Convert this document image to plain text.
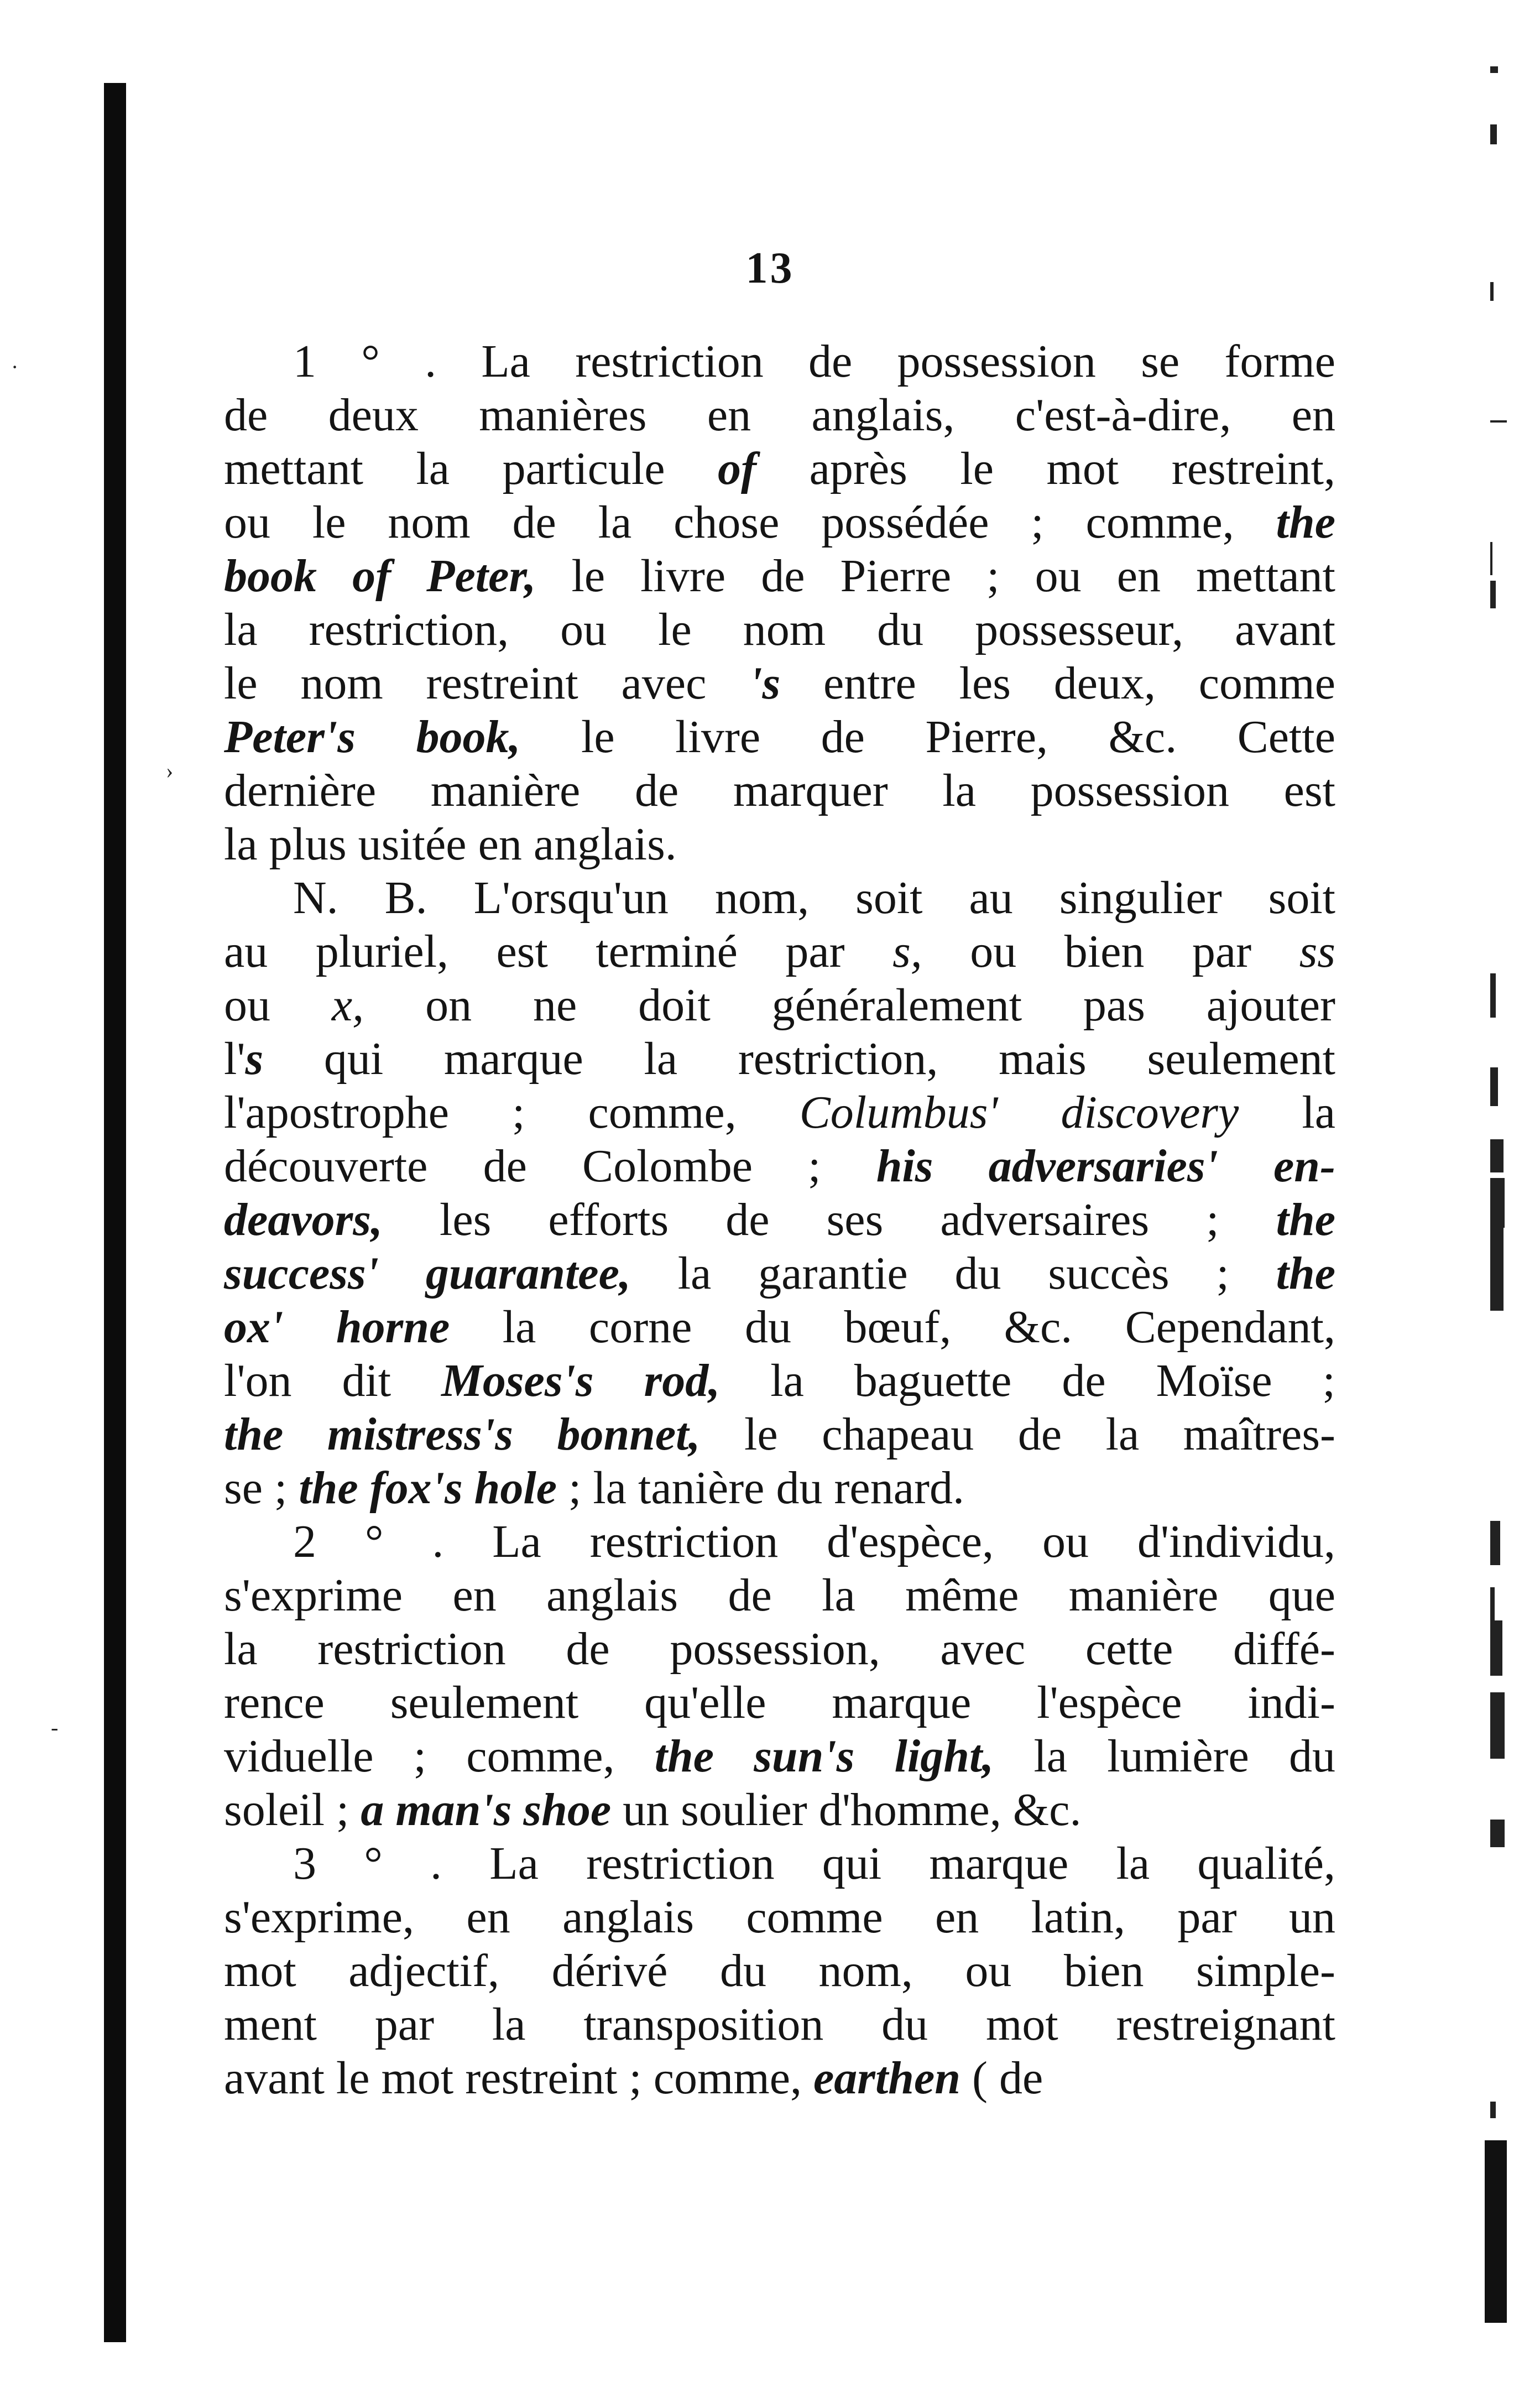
·
›
-
13
1 ° . La restriction de possession se forme
de deux manières en anglais, c'est-à-dire, en
mettant la particule of après le mot restreint,
ou le nom de la chose possédée ; comme, the
book of Peter, le livre de Pierre ; ou en mettant
la restriction, ou le nom du possesseur, avant
le nom restreint avec 's entre les deux, comme
Peter's book, le livre de Pierre, &c. Cette
dernière manière de marquer la possession est
la plus usitée en anglais.
N. B. L'orsqu'un nom, soit au singulier soit
au pluriel, est terminé par s, ou bien par ss
ou x, on ne doit généralement pas ajouter
l's qui marque la restriction, mais seulement
l'apostrophe ; comme, Columbus' discovery la
découverte de Colombe ; his adversaries' en-
deavors, les efforts de ses adversaires ; the
success' guarantee, la garantie du succès ; the
ox' horne la corne du bœuf, &c. Cependant,
l'on dit Moses's rod, la baguette de Moïse ;
the mistress's bonnet, le chapeau de la maîtres-
se ; the fox's hole ; la tanière du renard.
2 ° . La restriction d'espèce, ou d'individu,
s'exprime en anglais de la même manière que
la restriction de possession, avec cette diffé-
rence seulement qu'elle marque l'espèce indi-
viduelle ; comme, the sun's light, la lumière du
soleil ; a man's shoe un soulier d'homme, &c.
3 ° . La restriction qui marque la qualité,
s'exprime, en anglais comme en latin, par un
mot adjectif, dérivé du nom, ou bien simple-
ment par la transposition du mot restreignant
avant le mot restreint ; comme, earthen ( de
